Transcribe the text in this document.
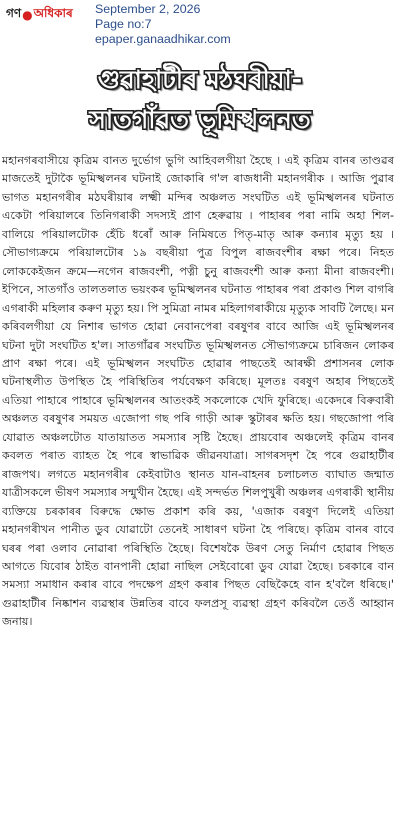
গণ ● অধিকাৰ September 2, 2026
Page no:7
epaper.ganaadhikar.com
গুৱাহাটীৰ মঠঘৰীয়া-
সাতগাঁৱত ভূমিস্খলনত

মহানগৰবাসীয়ে কৃত্ৰিম বানত দুৰ্ভোগ ভুগি আহিবলগীয়া হৈছে । এই কৃত্ৰিম বানৰ তাণ্ডৱৰ মাজতেই দুটাকৈ ভূমিস্খলনৰ ঘটনাই জোকাৰি গ'ল ৰাজধানী মহানগৰীক । আজি পুৱাৰ ভাগত মহানগৰীৰ মঠঘৰীয়াৰ লক্ষ্মী মন্দিৰ অঞ্চলত সংঘটিত এই ভূমিস্খলনৰ ঘটনাত একেটা পৰিয়ালৰে তিনিগৰাকী সদস্যই প্ৰাণ হেৰুৱায় । পাহাৰৰ পৰা নামি অহা শিল-বালিয়ে পৰিয়ালটোক হেঁচি ধৰোঁ আৰু নিমিষতে পিতৃ-মাতৃ আৰু কন্যাৰ মৃত্যু হয় । সৌভাগ্যক্ৰমে পৰিয়ালটোৰ ১৯ বছৰীয়া পুত্ৰ বিপুল ৰাজবংশীৰ ৰক্ষা পৰে। নিহত লোককেইজন ক্ৰমে—নগেন ৰাজবংশী, পত্নী চুনু ৰাজবংশী আৰু কন্যা মীনা ৰাজবংশী। ইপিনে, সাতগাঁও তালতলাত ভয়ংকৰ ভূমিস্খলনৰ ঘটনাত পাহাৰৰ পৰা প্ৰকাণ্ড শিল বাগৰি এগৰাকী মহিলাৰ কৰুণ মৃত্যু হয়। পি সুমিত্ৰা নামৰ মহিলাগৰাকীয়ে মৃত্যুক সাবটি লৈছে। মন কৰিবলগীয়া যে নিশাৰ ভাগত হোৱা নেবানপেৰা বৰষুণৰ বাবে আজি এই ভূমিস্খলনৰ ঘটনা দুটা সংঘটিত হ'ল। সাতগাঁৱৰ সংঘটিত ভূমিস্খলনত সৌভাগ্যক্ৰমে চাৰিজন লোকৰ প্ৰাণ ৰক্ষা পৰে। এই ভূমিস্খলন সংঘটিত হোৱাৰ পাছতেই আৰক্ষী প্ৰশাসনৰ লোক ঘটনাস্থলীত উপস্থিত হৈ পৰিস্থিতিৰ পৰ্যবেক্ষণ কৰিছে। মূলতঃ বৰষুণ অহাৰ পিছতেই এতিয়া পাহাৰে পাহাৰে ভূমিস্খলনৰ আতংকই সকলোকে খেদি ফুৰিছে। একেদৰে বিৰুবাৰী অঞ্চলত বৰষুণৰ সময়ত এজোপা গছ পৰি গাড়ী আৰু স্কুটাৰৰ ক্ষতি হয়। গছজোপা পৰি যোৱাত অঞ্চলটোত যাতায়াতত সমস্যাৰ সৃষ্টি হৈছে। প্ৰায়বোৰ অঞ্চলেই কৃত্ৰিম বানৰ কবলত পৰাত ব্যাহত হৈ পৰে স্বাভাৱিক জীৱনযাত্ৰা। সাগৰসদৃশ হৈ পৰে গুৱাহাটীৰ ৰাজপথ। লগতে মহানগৰীৰ কেইবাটাও স্থানত যান-বাহনৰ চলাচলত ব্যাঘাত জন্মাত যাত্ৰীসকলে ভীষণ সমস্যাৰ সন্মুখীন হৈছে। এই সন্দৰ্ভত শিলপুখুৰী অঞ্চলৰ এগৰাকী স্থানীয় ব্যক্তিয়ে চৰকাৰৰ বিৰুদ্ধে ক্ষোভ প্ৰকাশ কৰি কয়, 'এজাক বৰষুণ দিলেই এতিয়া মহানগৰীখন পানীত ডুব যোৱাটো তেনেই সাধাৰণ ঘটনা হৈ পৰিছে। কৃত্ৰিম বানৰ বাবে ঘৰৰ পৰা ওলাব নোৱাৰা পৰিস্থিতি হৈছে। বিশেষকৈ উৰণ সেতু নিৰ্মাণ হোৱাৰ পিছত আগতে যিবোৰ ঠাইত বানপানী হোৱা নাছিল সেইবোৰো ডুব যোৱা হৈছে। চৰকাৰে বান সমস্যা সমাধান কৰাৰ বাবে পদক্ষেপ গ্ৰহণ কৰাৰ পিছত বেছিকৈহে বান হ'বলৈ ধৰিছে।' গুৱাহাটীৰ নিষ্কাশন ব্যৱস্থাৰ উন্নতিৰ বাবে ফলপ্ৰসূ ব্যৱস্থা গ্ৰহণ কৰিবলৈ তেওঁ আহ্বান জনায়।
